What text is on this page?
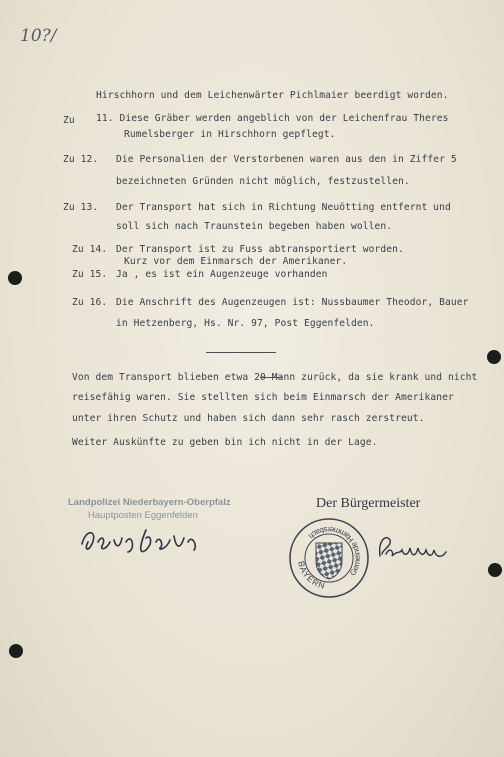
10?/
Hirschhorn und dem Leichenwärter Pichlmaier beerdigt worden.
Zu 11. Diese Gräber werden angeblich von der Leichenfrau Theres
Rumelsberger in Hirschhorn gepflegt.
Zu 12. Die Personalien der Verstorbenen waren aus den in Ziffer 5
bezeichneten Gründen nicht möglich, festzustellen.
Zu 13. Der Transport hat sich in Richtung Neuötting entfernt und
soll sich nach Traunstein begeben haben wollen.
Zu 14. Der Transport ist zu Fuss abtransportiert worden.
Kurz vor dem Einmarsch der Amerikaner.
Zu 15. Ja , es ist ein Augenzeuge vorhanden
Zu 16. Die Anschrift des Augenzeugen ist: Nussbaumer Theodor, Bauer
in Hetzenberg, Hs. Nr. 97, Post Eggenfelden.
Von dem Transport blieben etwa 20 Mann zurück, da sie krank und nicht
reisefähig waren. Sie stellten sich beim Einmarsch der Amerikaner
unter ihren Schutz und haben sich dann sehr rasch zerstreut.
Weiter Auskünfte zu geben bin ich nicht in der Lage.
Landpolizei Niederbayern-Oberpfalz
Hauptposten Eggenfelden
Der Bürgermeister
BAYERN
Gemeinde Hammersbach
